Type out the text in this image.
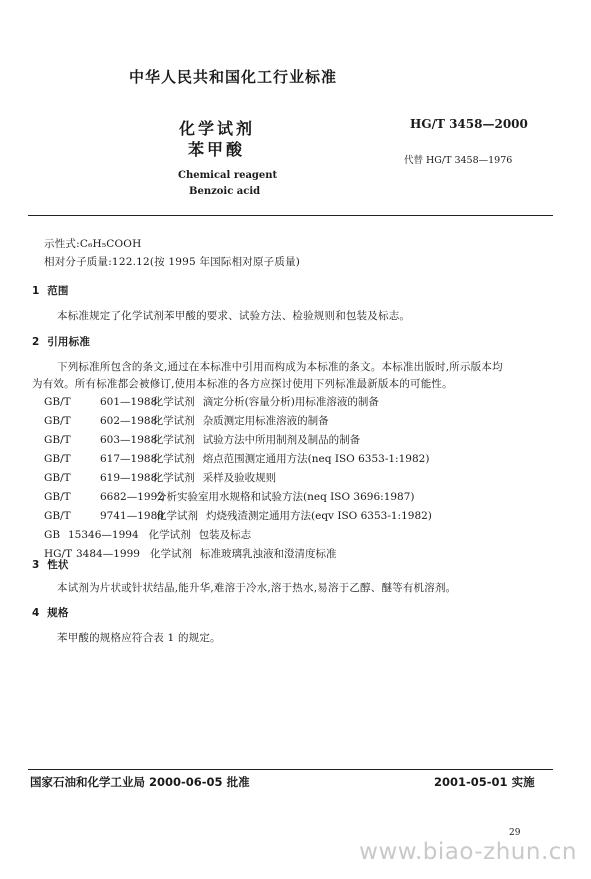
中华人民共和国化工行业标准
化学试剂
苯甲酸
Chemical reagent
Benzoic acid
HG/T 3458—2000
代替 HG/T 3458—1976
示性式:C₆H₅COOH
相对分子质量:122.12(按 1995 年国际相对原子质量)
1 范围
本标准规定了化学试剂苯甲酸的要求、试验方法、检验规则和包装及标志。
2 引用标准
下列标准所包含的条文,通过在本标准中引用而构成为本标准的条文。本标准出版时,所示版本均
为有效。所有标准都会被修订,使用本标准的各方应探讨使用下列标准最新版本的可能性。
GB/T	601—1988  化学试剂 滴定分析(容量分析)用标准溶液的制备
GB/T	602—1988  化学试剂 杂质测定用标准溶液的制备
GB/T	603—1988  化学试剂 试验方法中所用制剂及制品的制备
GB/T	617—1988  化学试剂 熔点范围测定通用方法(neq ISO 6353-1:1982)
GB/T	619—1988  化学试剂 采样及验收规则
GB/T	6682—1992   分析实验室用水规格和试验方法(neq ISO 3696:1987)
GB/T	9741—1988   化学试剂 灼烧残渣测定通用方法(eqv ISO 6353-1:1982)
GB 15346—1994 化学试剂 包装及标志
HG/T 3484—1999 化学试剂 标准玻璃乳浊液和澄清度标准
3 性状
本试剂为片状或针状结晶,能升华,难溶于冷水,溶于热水,易溶于乙醇、醚等有机溶剂。
4 规格
苯甲酸的规格应符合表 1 的规定。
国家石油和化学工业局 2000-06-05 批准	2001-05-01 实施
29
www.biao-zhun.cn
